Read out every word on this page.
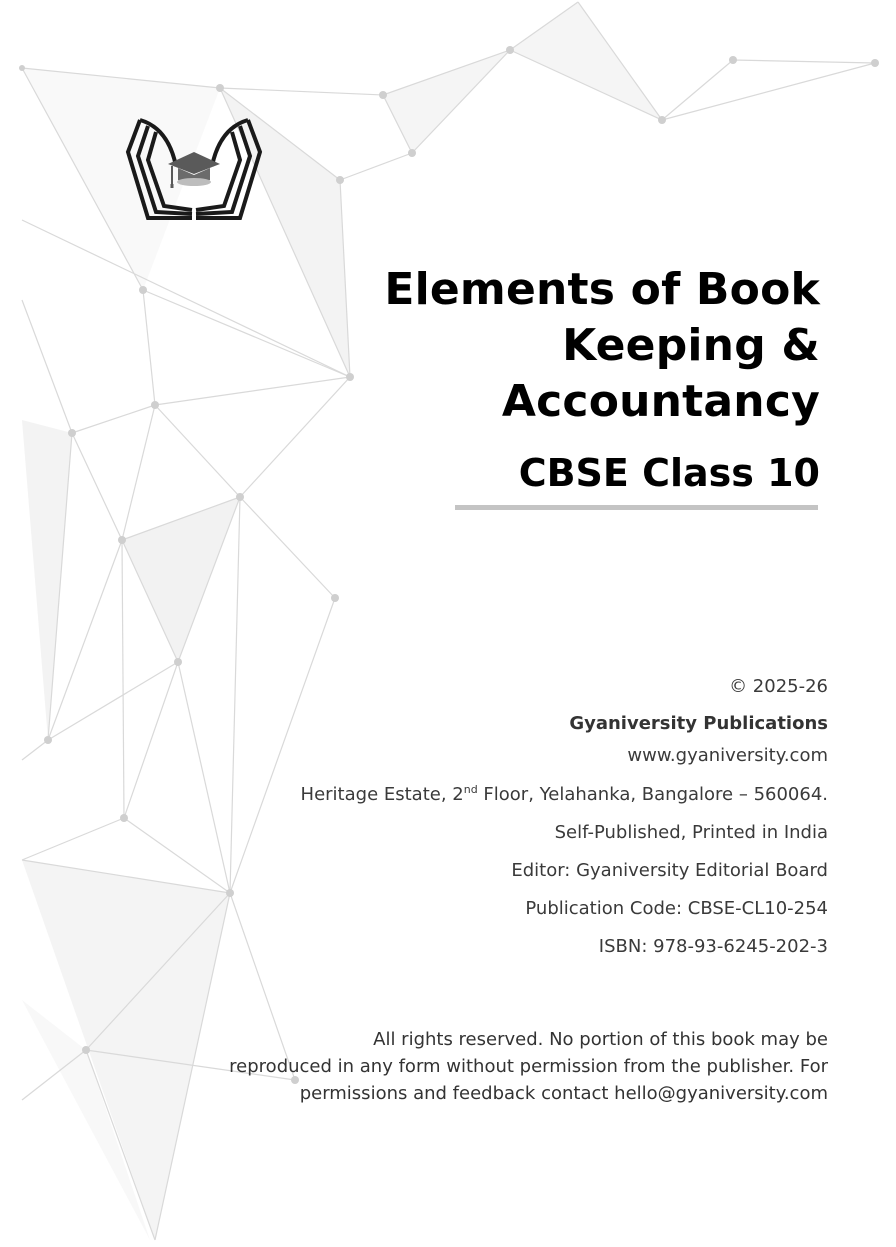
Elements of Book
Keeping &
Accountancy
CBSE Class 10
© 2025-26
Gyaniversity Publications
www.gyaniversity.com
Heritage Estate, 2nd Floor, Yelahanka, Bangalore – 560064.
Self-Published, Printed in India
Editor: Gyaniversity Editorial Board
Publication Code: CBSE-CL10-254
ISBN: 978-93-6245-202-3
All rights reserved. No portion of this book may be
reproduced in any form without permission from the publisher. For
permissions and feedback contact hello@gyaniversity.com
